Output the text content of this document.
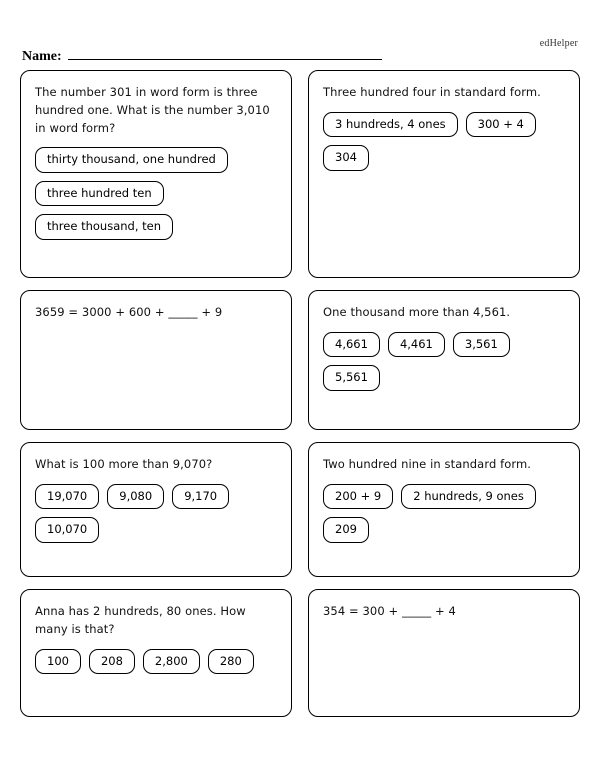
edHelper
Name:

The number 301 in word form is three hundred one. What is the number 3,010 in word form?

thirty thousand, one hundred
three hundred ten
three thousand, ten

Three hundred four in standard form.

3 hundreds, 4 ones	300 + 4
304

3659 = 3000 + 600 + _____ + 9	One thousand more than 4,561.

4,661	4,461	3,561
5,561

What is 100 more than 9,070?

19,070	9,080	9,170
10,070

Two hundred nine in standard form.

200 + 9	2 hundreds, 9 ones
209

Anna has 2 hundreds, 80 ones. How many is that?

100	208	2,800	280

354 = 300 + _____ + 4
